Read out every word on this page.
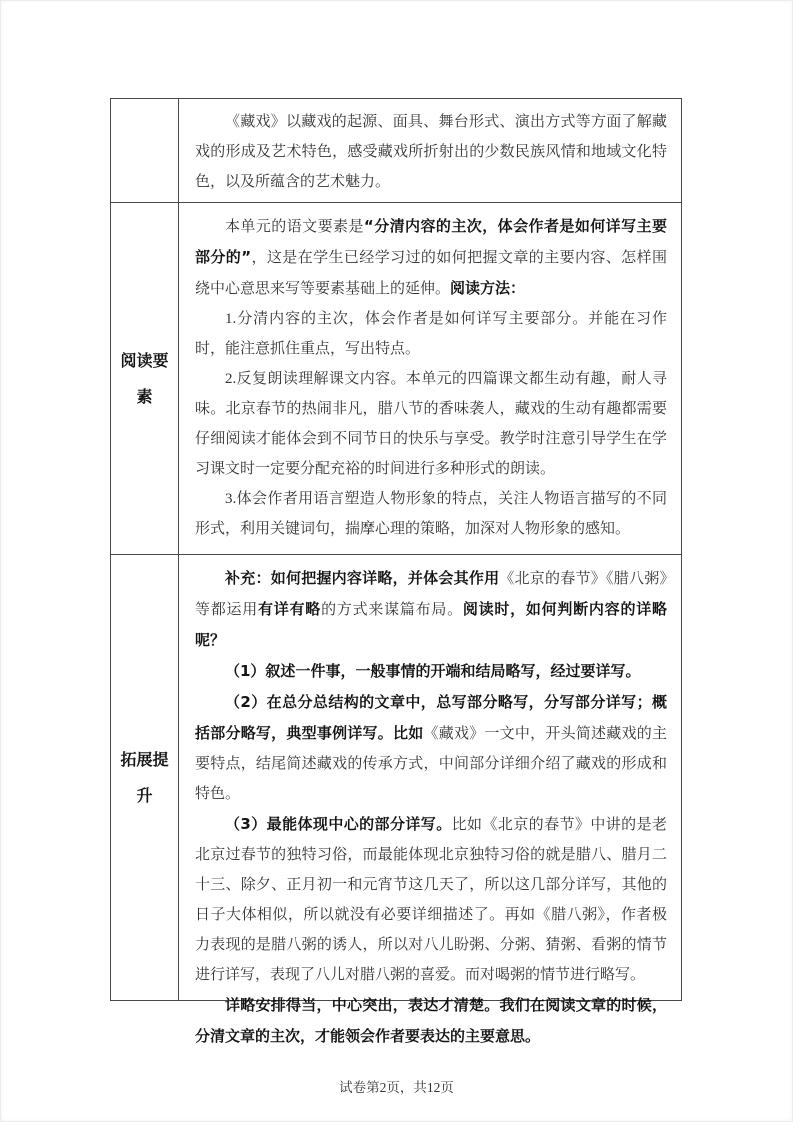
《藏戏》以藏戏的起源、面具、舞台形式、演出方式等方面了解藏戏的形成及艺术特色，感受藏戏所折射出的少数民族风情和地域文化特色，以及所蕴含的艺术魅力。

阅读要素

本单元的语文要素是“分清内容的主次，体会作者是如何详写主要部分的”，这是在学生已经学习过的如何把握文章的主要内容、怎样围绕中心意思来写等要素基础上的延伸。阅读方法：

1.分清内容的主次，体会作者是如何详写主要部分。并能在习作时，能注意抓住重点，写出特点。

2.反复朗读理解课文内容。本单元的四篇课文都生动有趣，耐人寻味。北京春节的热闹非凡，腊八节的香味袭人，藏戏的生动有趣都需要仔细阅读才能体会到不同节日的快乐与享受。教学时注意引导学生在学习课文时一定要分配充裕的时间进行多种形式的朗读。

3.体会作者用语言塑造人物形象的特点，关注人物语言描写的不同形式，利用关键词句，揣摩心理的策略，加深对人物形象的感知。

拓展提升

补充：如何把握内容详略，并体会其作用《北京的春节》《腊八粥》等都运用有详有略的方式来谋篇布局。阅读时，如何判断内容的详略呢？

（1）叙述一件事，一般事情的开端和结局略写，经过要详写。

（2）在总分总结构的文章中，总写部分略写，分写部分详写；概括部分略写，典型事例详写。比如《藏戏》一文中，开头简述藏戏的主要特点，结尾简述藏戏的传承方式，中间部分详细介绍了藏戏的形成和特色。

（3）最能体现中心的部分详写。比如《北京的春节》中讲的是老北京过春节的独特习俗，而最能体现北京独特习俗的就是腊八、腊月二十三、除夕、正月初一和元宵节这几天了，所以这几部分详写，其他的日子大体相似，所以就没有必要详细描述了。再如《腊八粥》，作者极力表现的是腊八粥的诱人，所以对八儿盼粥、分粥、猜粥、看粥的情节进行详写，表现了八儿对腊八粥的喜爱。而对喝粥的情节进行略写。

详略安排得当，中心突出，表达才清楚。我们在阅读文章的时候，分清文章的主次，才能领会作者要表达的主要意思。

试卷第2页，共12页
